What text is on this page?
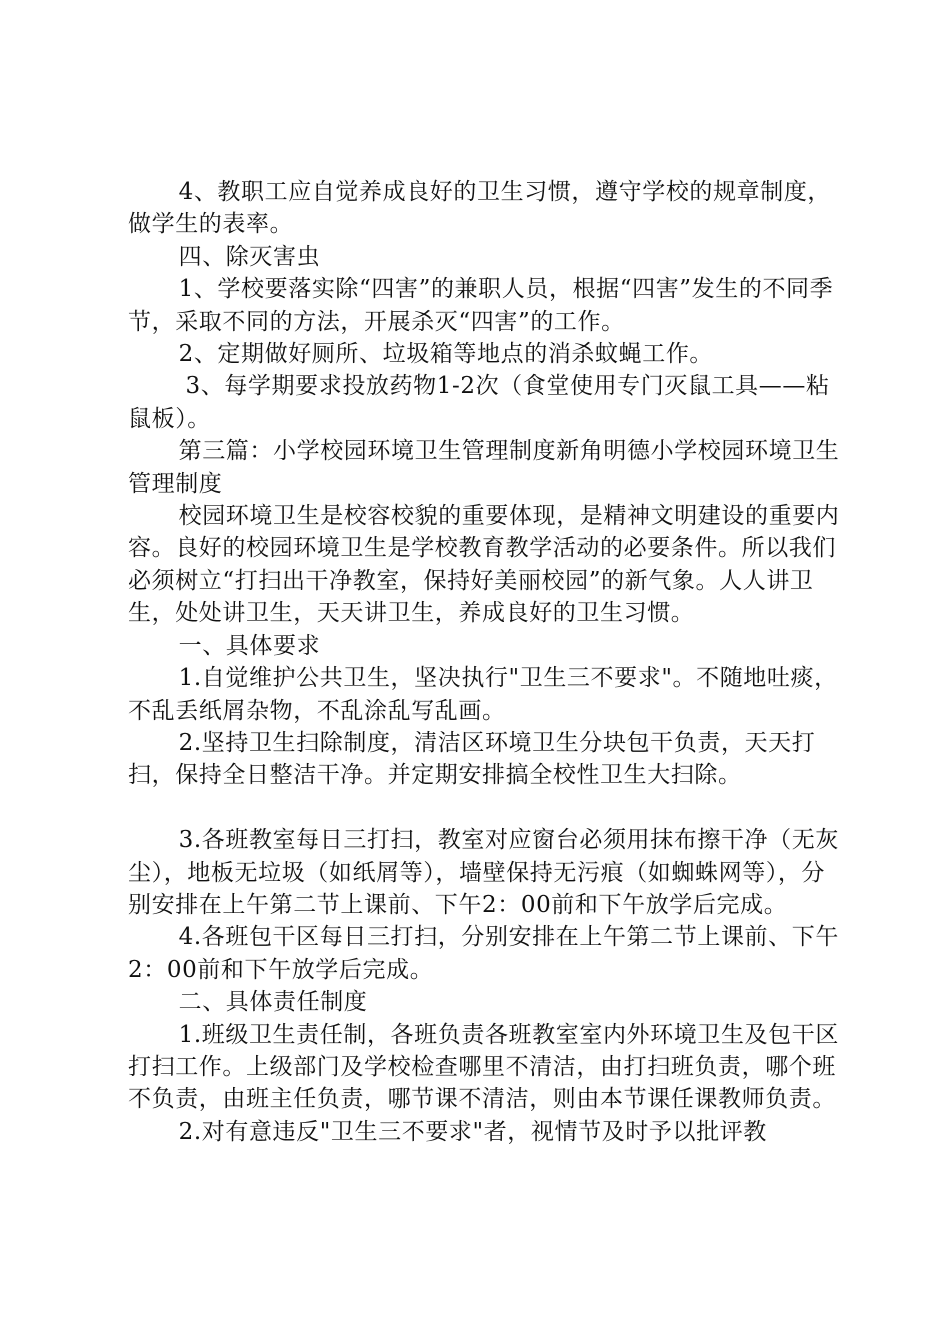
4、教职工应自觉养成良好的卫生习惯，遵守学校的规章制度，做学生的表率。

四、除灭害虫

1、学校要落实除“四害”的兼职人员，根据“四害”发生的不同季节，采取不同的方法，开展杀灭“四害”的工作。

2、定期做好厕所、垃圾箱等地点的消杀蚊蝇工作。

3、每学期要求投放药物1-2次（食堂使用专门灭鼠工具——粘鼠板）。

第三篇：小学校园环境卫生管理制度新角明德小学校园环境卫生管理制度

校园环境卫生是校容校貌的重要体现，是精神文明建设的重要内容。良好的校园环境卫生是学校教育教学活动的必要条件。所以我们必须树立“打扫出干净教室，保持好美丽校园”的新气象。人人讲卫生，处处讲卫生，天天讲卫生，养成良好的卫生习惯。

一、具体要求

1.自觉维护公共卫生，坚决执行"卫生三不要求"。不随地吐痰，不乱丢纸屑杂物，不乱涂乱写乱画。

2.坚持卫生扫除制度，清洁区环境卫生分块包干负责，天天打扫，保持全日整洁干净。并定期安排搞全校性卫生大扫除。

3.各班教室每日三打扫，教室对应窗台必须用抹布擦干净（无灰尘），地板无垃圾（如纸屑等），墙壁保持无污痕（如蜘蛛网等），分别安排在上午第二节上课前、下午2：00前和下午放学后完成。

4.各班包干区每日三打扫，分别安排在上午第二节上课前、下午2：00前和下午放学后完成。

二、具体责任制度

1.班级卫生责任制，各班负责各班教室室内外环境卫生及包干区打扫工作。上级部门及学校检查哪里不清洁，由打扫班负责，哪个班不负责，由班主任负责，哪节课不清洁，则由本节课任课教师负责。

2.对有意违反"卫生三不要求"者，视情节及时予以批评教
